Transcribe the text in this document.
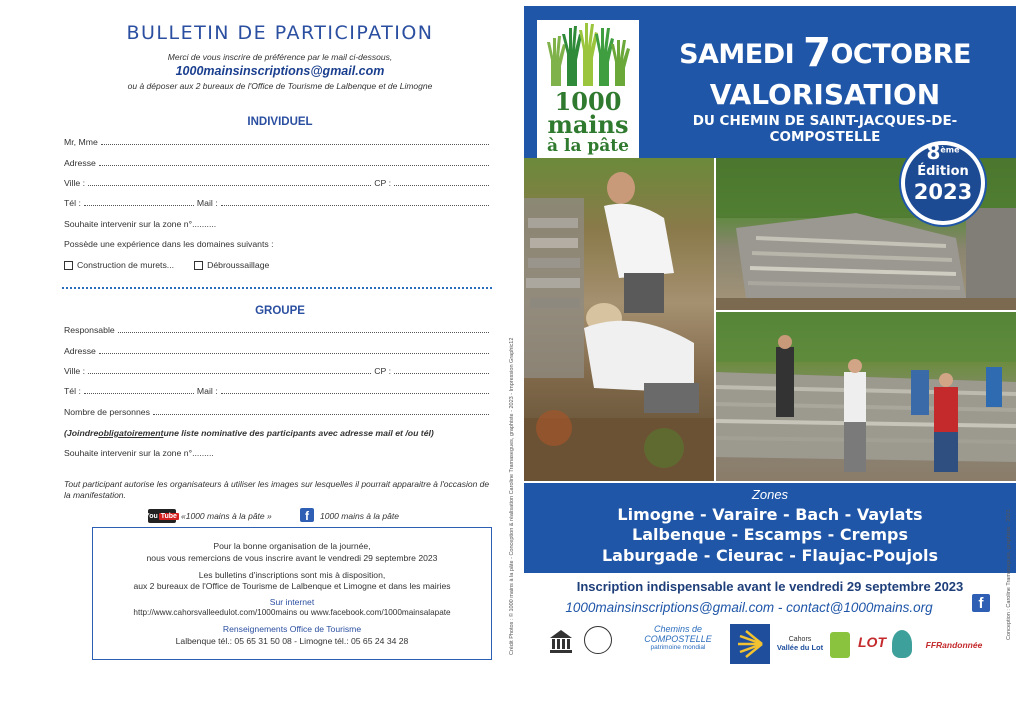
BULLETIN DE PARTICIPATION
Merci de vous inscrire de préférence par le mail ci-dessous,
1000mainsinscriptions@gmail.com
ou à déposer aux 2 bureaux de l'Office de Tourisme de Lalbenque et de Limogne
INDIVIDUEL
Mr, Mme
Adresse
Ville :	CP :
Tél :	Mail :
Souhaite intervenir sur la zone n°..........
Possède une expérience dans les domaines suivants :
Construction de murets...	Débroussaillage
GROUPE
Responsable
Adresse
Ville :	CP :
Tél :	Mail :
Nombre de personnes
(Joindre obligatoirement une liste nominative des participants avec adresse mail et /ou tél)
Souhaite intervenir sur la zone n°.........
Tout participant autorise les organisateurs à utiliser les images sur lesquelles il pourrait apparaitre à l'occasion de la manifestation.
You Tube «1000 mains à la pâte »	f	1000 mains à la pâte
Pour la bonne organisation de la journée,
nous vous remercions de vous inscrire avant le vendredi 29 septembre 2023
Les bulletins d'inscriptions sont mis à disposition,
aux 2 bureaux de l'Office de Tourisme de Lalbenque et Limogne et dans les mairies
Sur internet
http://www.cahorsvalleedulot.com/1000mains ou www.facebook.com/1000mainsalapate
Renseignements Office de Tourisme
Lalbenque tél.: 05 65 31 50 08 - Limogne tél.: 05 65 24 34 28	Crédit Photos : © 1000 mains à la pâte - Conception & réalisation Caroline Tramasegues, graphiste - 2023 - Impression Graphic12
1000
mains
à la pâte
SAMEDI 7OCTOBRE
VALORISATION
DU CHEMIN DE SAINT-JACQUES-DE-COMPOSTELLE
8ème
Édition
2023
Zones
Limogne - Varaire - Bach - Vaylats
Lalbenque - Escamps - Cremps
Laburgade - Cieurac - Flaujac-Poujols
Inscription indispensable avant le vendredi 29 septembre 2023
1000mainsinscriptions@gmail.com - contact@1000mains.org	f
Chemins de COMPOSTELLE
patrimoine mondial
Cahors
Vallée du Lot LOT	FFRandonnée
Conception : Caroline Tramasegues, graphiste - 2023
